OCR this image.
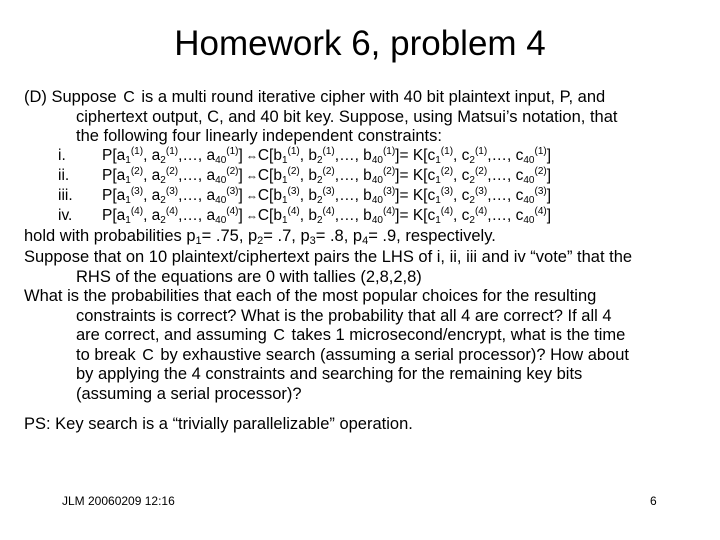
Homework 6, problem 4
(D) Suppose C is a multi round iterative cipher with 40 bit plaintext input, P, and
ciphertext output, C, and 40 bit key. Suppose, using Matsui’s notation, that
the following four linearly independent constraints:
i.	$P[a_1^{(1)}$, $a_2^{(1)},\dots$, $a_{40}^{(1)}$] $\Leftrightarrow C[b_1^{(1)}$, $b_2^{(1)},\dots$, $b_{40}^{(1)}]= K[c_1^{(1)}$, $c_2^{(1)},\dots$, $c_{40}^{(1)}$]
ii.	$P[a_1^{(2)}$, $a_2^{(2)},\dots$, $a_{40}^{(2)}$] $\Leftrightarrow C[b_1^{(2)}$, $b_2^{(2)},\dots$, $b_{40}^{(2)}]= K[c_1^{(2)}$, $c_2^{(2)},\dots$, $c_{40}^{(2)}$]
iii.	$P[a_1^{(3)}$, $a_2^{(3)},\dots$, $a_{40}^{(3)}$] $\Leftrightarrow C[b_1^{(3)}$, $b_2^{(3)},\dots$, $b_{40}^{(3)}]= K[c_1^{(3)}$, $c_2^{(3)},\dots$, $c_{40}^{(3)}$]
iv.	$P[a_1^{(4)}$, $a_2^{(4)},\dots$, $a_{40}^{(4)}$] $\Leftrightarrow C[b_1^{(4)}$, $b_2^{(4)},\dots$, $b_{40}^{(4)}]= K[c_1^{(4)}$, $c_2^{(4)},\dots$, $c_{40}^{(4)}$]
hold with probabilities $p_1= .75$, $p_2= .7$, $p_3= .8$, $p_4= .9$, respectively.
Suppose that on 10 plaintext/ciphertext pairs the LHS of i, ii, iii and iv “vote” that the
RHS of the equations are 0 with tallies (2,8,2,8)
What is the probabilities that each of the most popular choices for the resulting
constraints is correct? What is the probability that all 4 are correct? If all 4
are correct, and assuming C takes 1 microsecond/encrypt, what is the time
to break C by exhaustive search (assuming a serial processor)? How about
by applying the 4 constraints and searching for the remaining key bits
(assuming a serial processor)?
PS: Key search is a “trivially parallelizable” operation.
JLM 20060209 12:16	6
